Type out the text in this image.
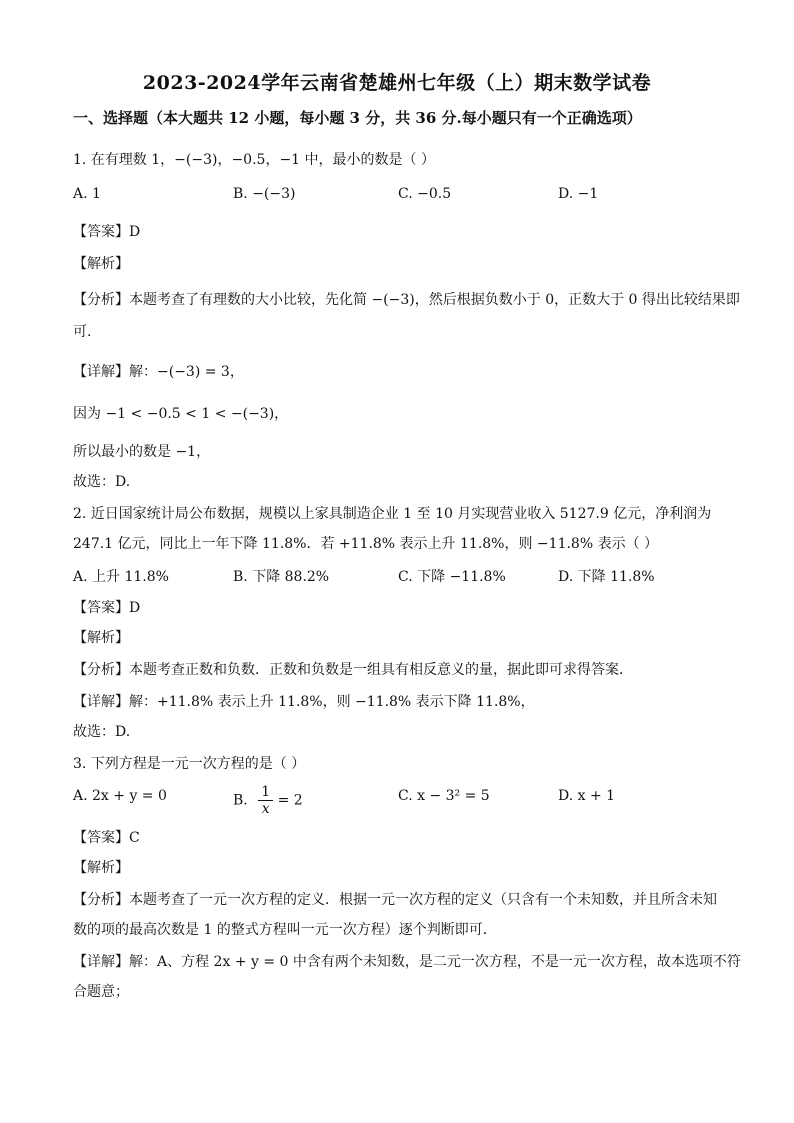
2023-2024学年云南省楚雄州七年级（上）期末数学试卷
一、选择题（本大题共 12 小题，每小题 3 分，共 36 分.每小题只有一个正确选项）
1. 在有理数 1，−(−3)，−0.5，−1 中，最小的数是（ ）
A. 1	B. −(−3)	C. −0.5	D. −1
【答案】D
【解析】
【分析】本题考查了有理数的大小比较，先化简 −(−3)，然后根据负数小于 0，正数大于 0 得出比较结果即
可.
【详解】解：−(−3) = 3，
因为 −1 < −0.5 < 1 < −(−3)，
所以最小的数是 −1，
故选：D.
2. 近日国家统计局公布数据，规模以上家具制造企业 1 至 10 月实现营业收入 5127.9 亿元，净利润为
247.1 亿元，同比上一年下降 11.8%．若 +11.8% 表示上升 11.8%，则 −11.8% 表示（ ）
A. 上升 11.8%	B. 下降 88.2%	C. 下降 −11.8%	D. 下降 11.8%
【答案】D
【解析】
【分析】本题考查正数和负数．正数和负数是一组具有相反意义的量，据此即可求得答案．
【详解】解：+11.8% 表示上升 11.8%，则 −11.8% 表示下降 11.8%，
故选：D.
3. 下列方程是一元一次方程的是（ ）
A. 2x + y = 0	B. $\frac{1}{x} = 2$	C. x − 3² = 5	D. x + 1
【答案】C
【解析】
【分析】本题考查了一元一次方程的定义．根据一元一次方程的定义（只含有一个未知数，并且所含未知
数的项的最高次数是 1 的整式方程叫一元一次方程）逐个判断即可．
【详解】解：A、方程 2x + y = 0 中含有两个未知数，是二元一次方程，不是一元一次方程，故本选项不符
合题意；
